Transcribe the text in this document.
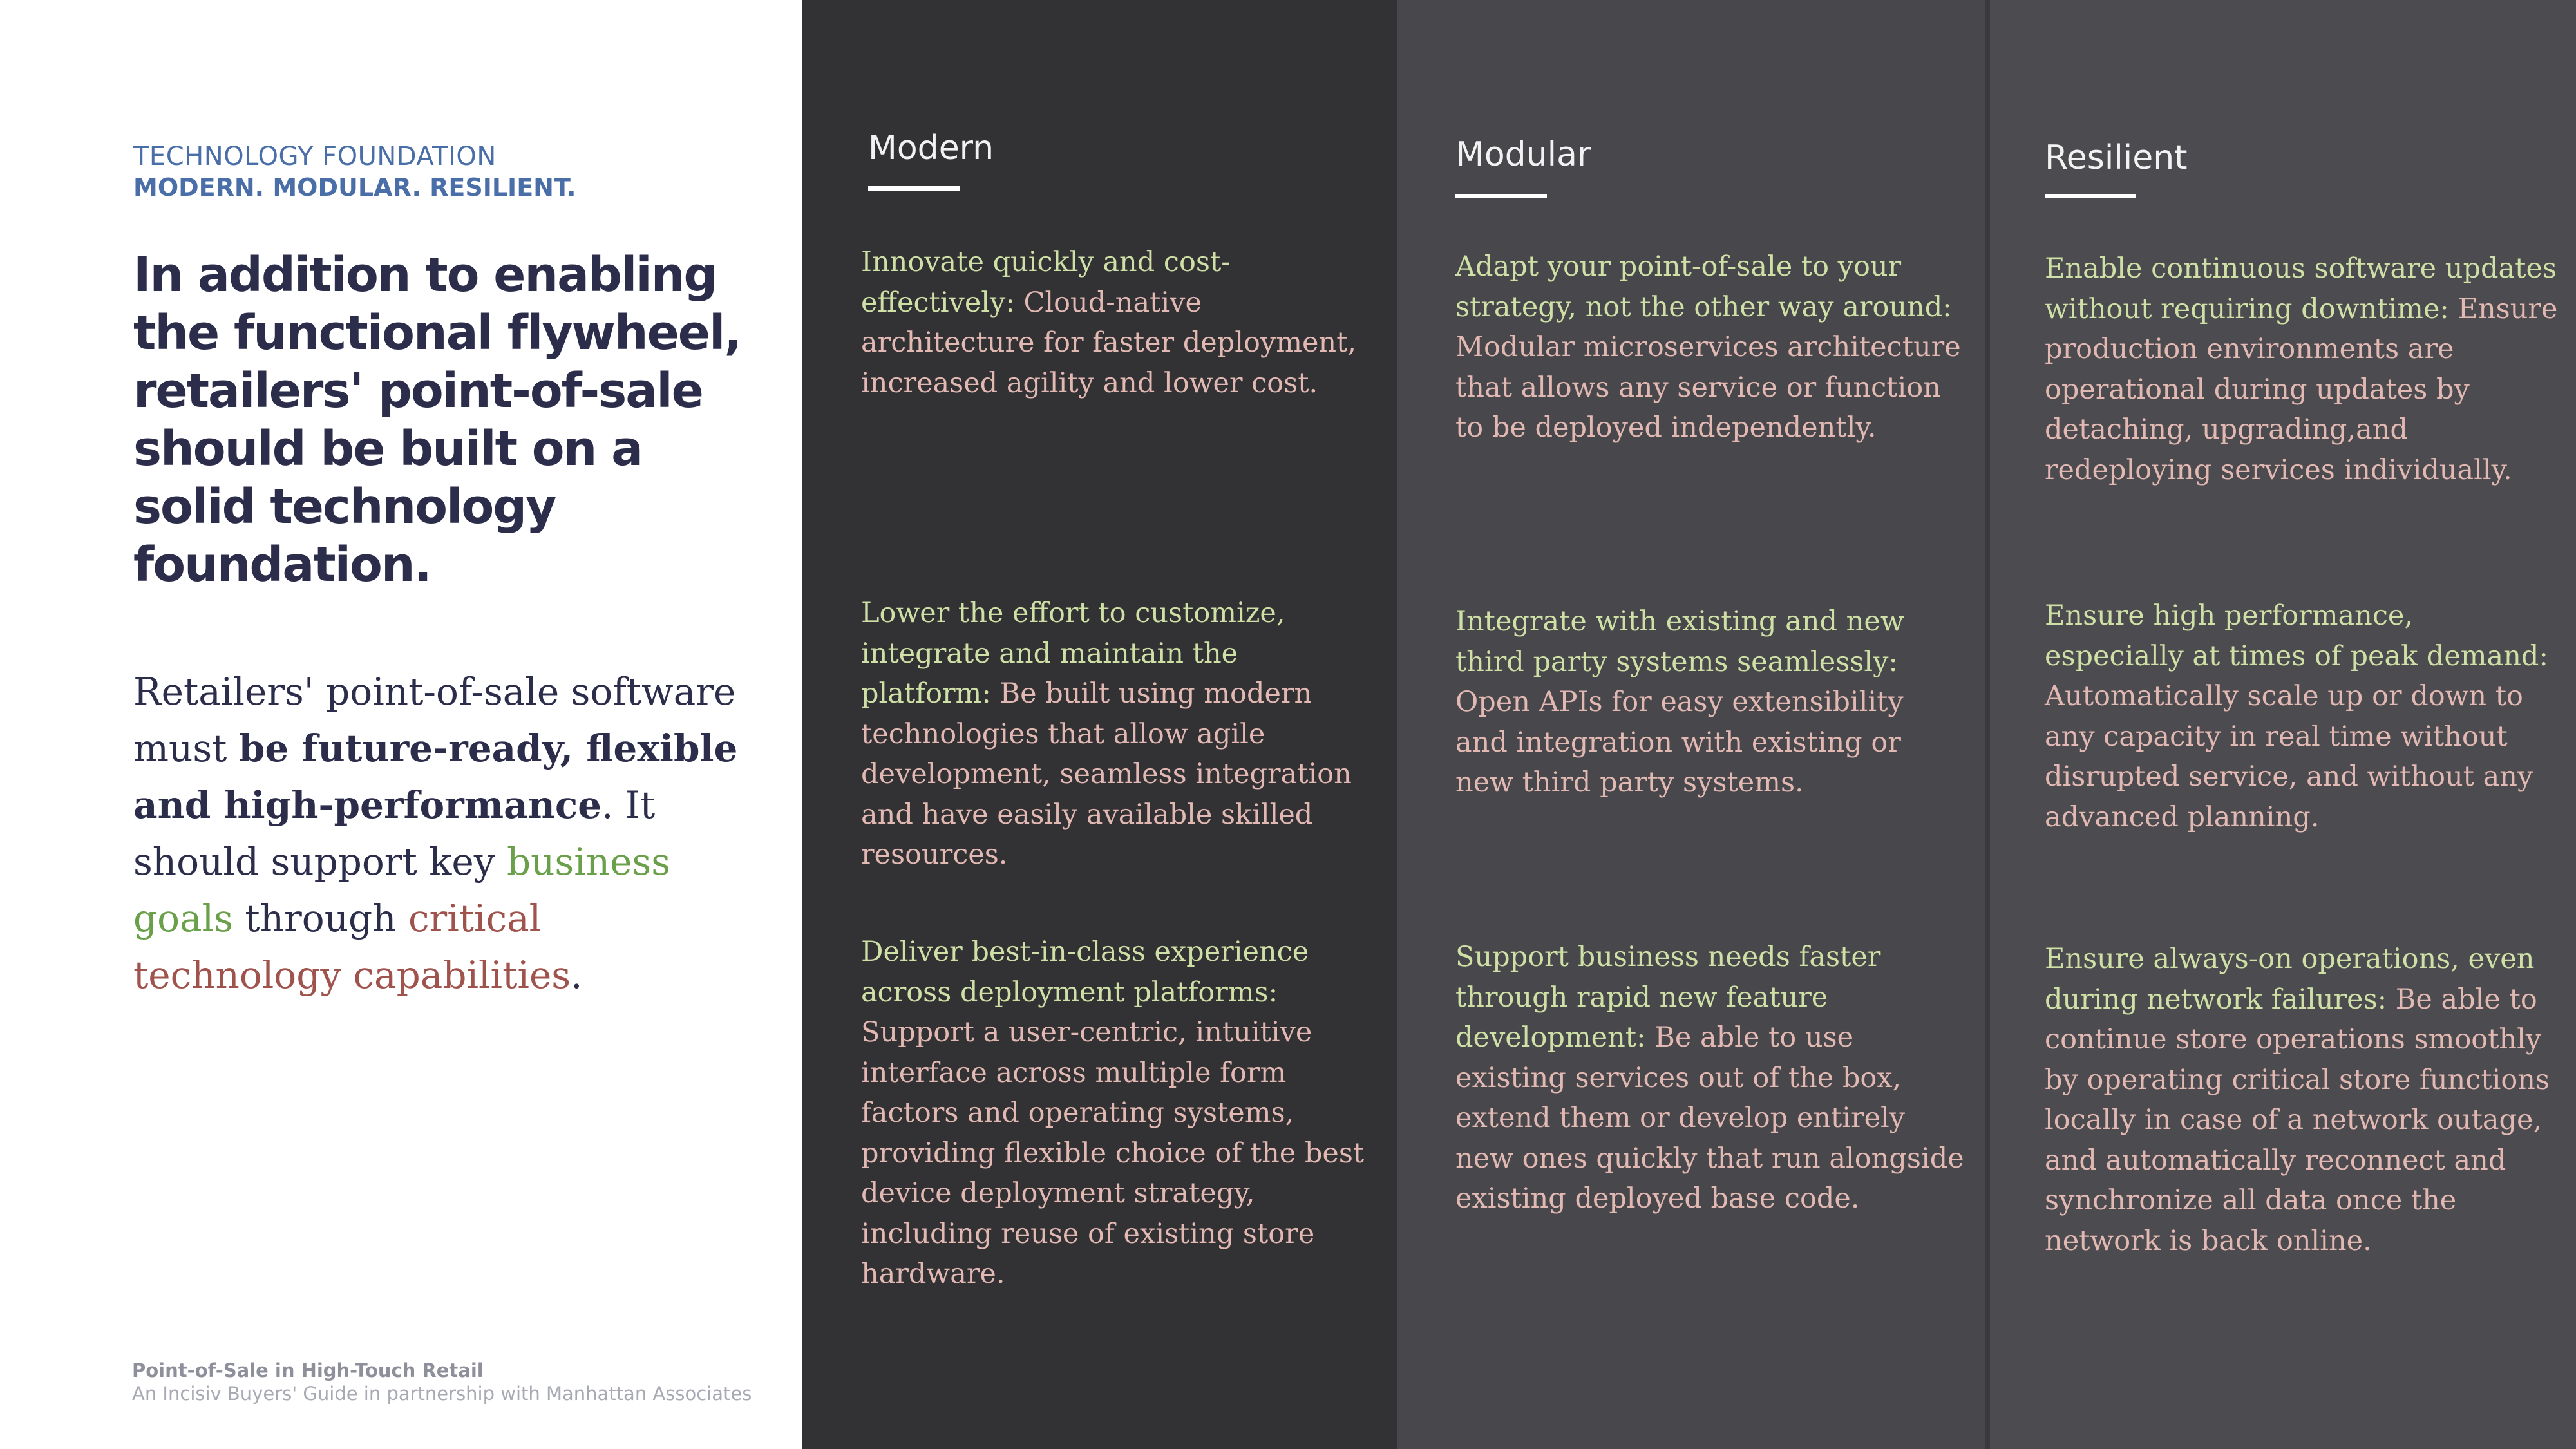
TECHNOLOGY FOUNDATION
MODERN. MODULAR. RESILIENT.
In addition to enabling the functional flywheel, retailers' point-of-sale should be built on a solid technology foundation.

Retailers' point-of-sale software must be future-ready, flexible and high-performance. It should support key business goals through critical technology capabilities.

Point-of-Sale in High-Touch Retail
An Incisiv Buyers' Guide in partnership with Manhattan Associates
Modern

Innovate quickly and cost-effectively: Cloud-native architecture for faster deployment, increased agility and lower cost.

Lower the effort to customize, integrate and maintain the platform: Be built using modern technologies that allow agile development, seamless integration and have easily available skilled resources.

Deliver best-in-class experience across deployment platforms: Support a user-centric, intuitive interface across multiple form factors and operating systems, providing flexible choice of the best device deployment strategy, including reuse of existing store hardware.

Modular

Adapt your point-of-sale to your strategy, not the other way around: Modular microservices architecture that allows any service or function to be deployed independently.

Integrate with existing and new third party systems seamlessly: Open APIs for easy extensibility and integration with existing or new third party systems.

Support business needs faster through rapid new feature development: Be able to use existing services out of the box, extend them or develop entirely new ones quickly that run alongside existing deployed base code.

Resilient

Enable continuous software updates without requiring downtime: Ensure production environments are operational during updates by detaching, upgrading,and redeploying services individually.

Ensure high performance, especially at times of peak demand: Automatically scale up or down to any capacity in real time without disrupted service, and without any advanced planning.

Ensure always-on operations, even during network failures: Be able to continue store operations smoothly by operating critical store functions locally in case of a network outage, and automatically reconnect and synchronize all data once the network is back online.
